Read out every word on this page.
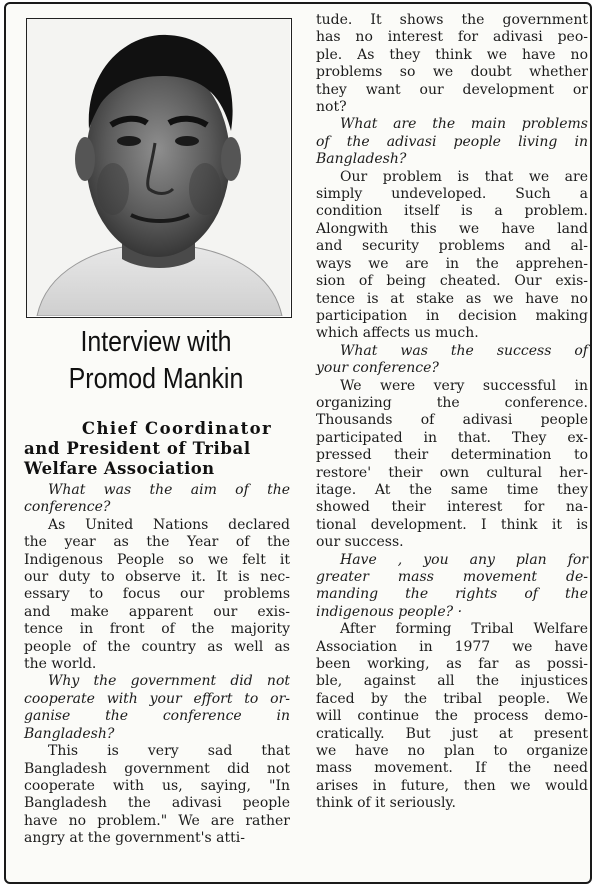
Interview with
Promod Mankin
Chief Coordinator
and President of Tribal
Welfare Association

What was the aim of the
conference?

As United Nations declared
the year as the Year of the
Indigenous People so we felt it
our duty to observe it. It is nec-
essary to focus our problems
and make apparent our exis-
tence in front of the majority
people of the country as well as
the world.

Why the government did not
cooperate with your effort to or-
ganise the conference in
Bangladesh?

This is very sad that
Bangladesh government did not
cooperate with us, saying, "In
Bangladesh the adivasi people
have no problem." We are rather
angry at the government's atti-

tude. It shows the government
has no interest for adivasi peo-
ple. As they think we have no
problems so we doubt whether
they want our development or
not?

What are the main problems
of the adivasi people living in
Bangladesh?

Our problem is that we are
simply undeveloped. Such a
condition itself is a problem.
Alongwith this we have land
and security problems and al-
ways we are in the apprehen-
sion of being cheated. Our exis-
tence is at stake as we have no
participation in decision making
which affects us much.

What was the success of
your conference?

We were very successful in
organizing the conference.
Thousands of adivasi people
participated in that. They ex-
pressed their determination to
restore' their own cultural her-
itage. At the same time they
showed their interest for na-
tional development. I think it is
our success.

Have , you any plan for
greater mass movement de-
manding the rights of the
indigenous people? ·

After forming Tribal Welfare
Association in 1977 we have
been working, as far as possi-
ble, against all the injustices
faced by the tribal people. We
will continue the process demo-
cratically. But just at present
we have no plan to organize
mass movement. If the need
arises in future, then we would
think of it seriously.
